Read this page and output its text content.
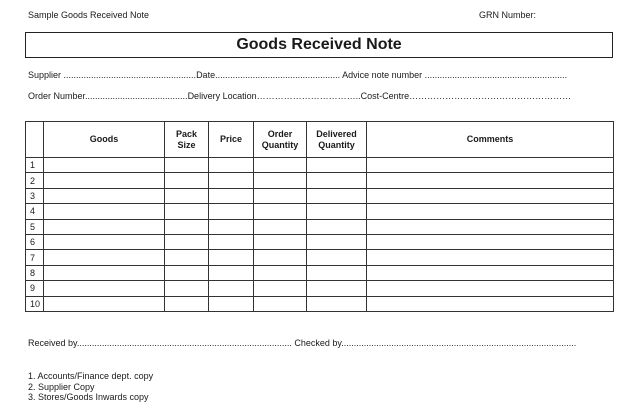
Sample Goods Received Note	GRN Number:
Goods Received Note
Supplier .....................................................Date.................................................. Advice note number .........................................................
Order Number.........................................Delivery Location……………………………..Cost-Centre………………………………………………
	Goods	Pack Size	Price	Order Quantity	Delivered Quantity	Comments
1						
2						
3						
4						
5						
6						
7						
8						
9						
10						
Received by...................................................................................... Checked by..............................................................................................
1. Accounts/Finance dept. copy
2. Supplier Copy
3. Stores/Goods Inwards copy
